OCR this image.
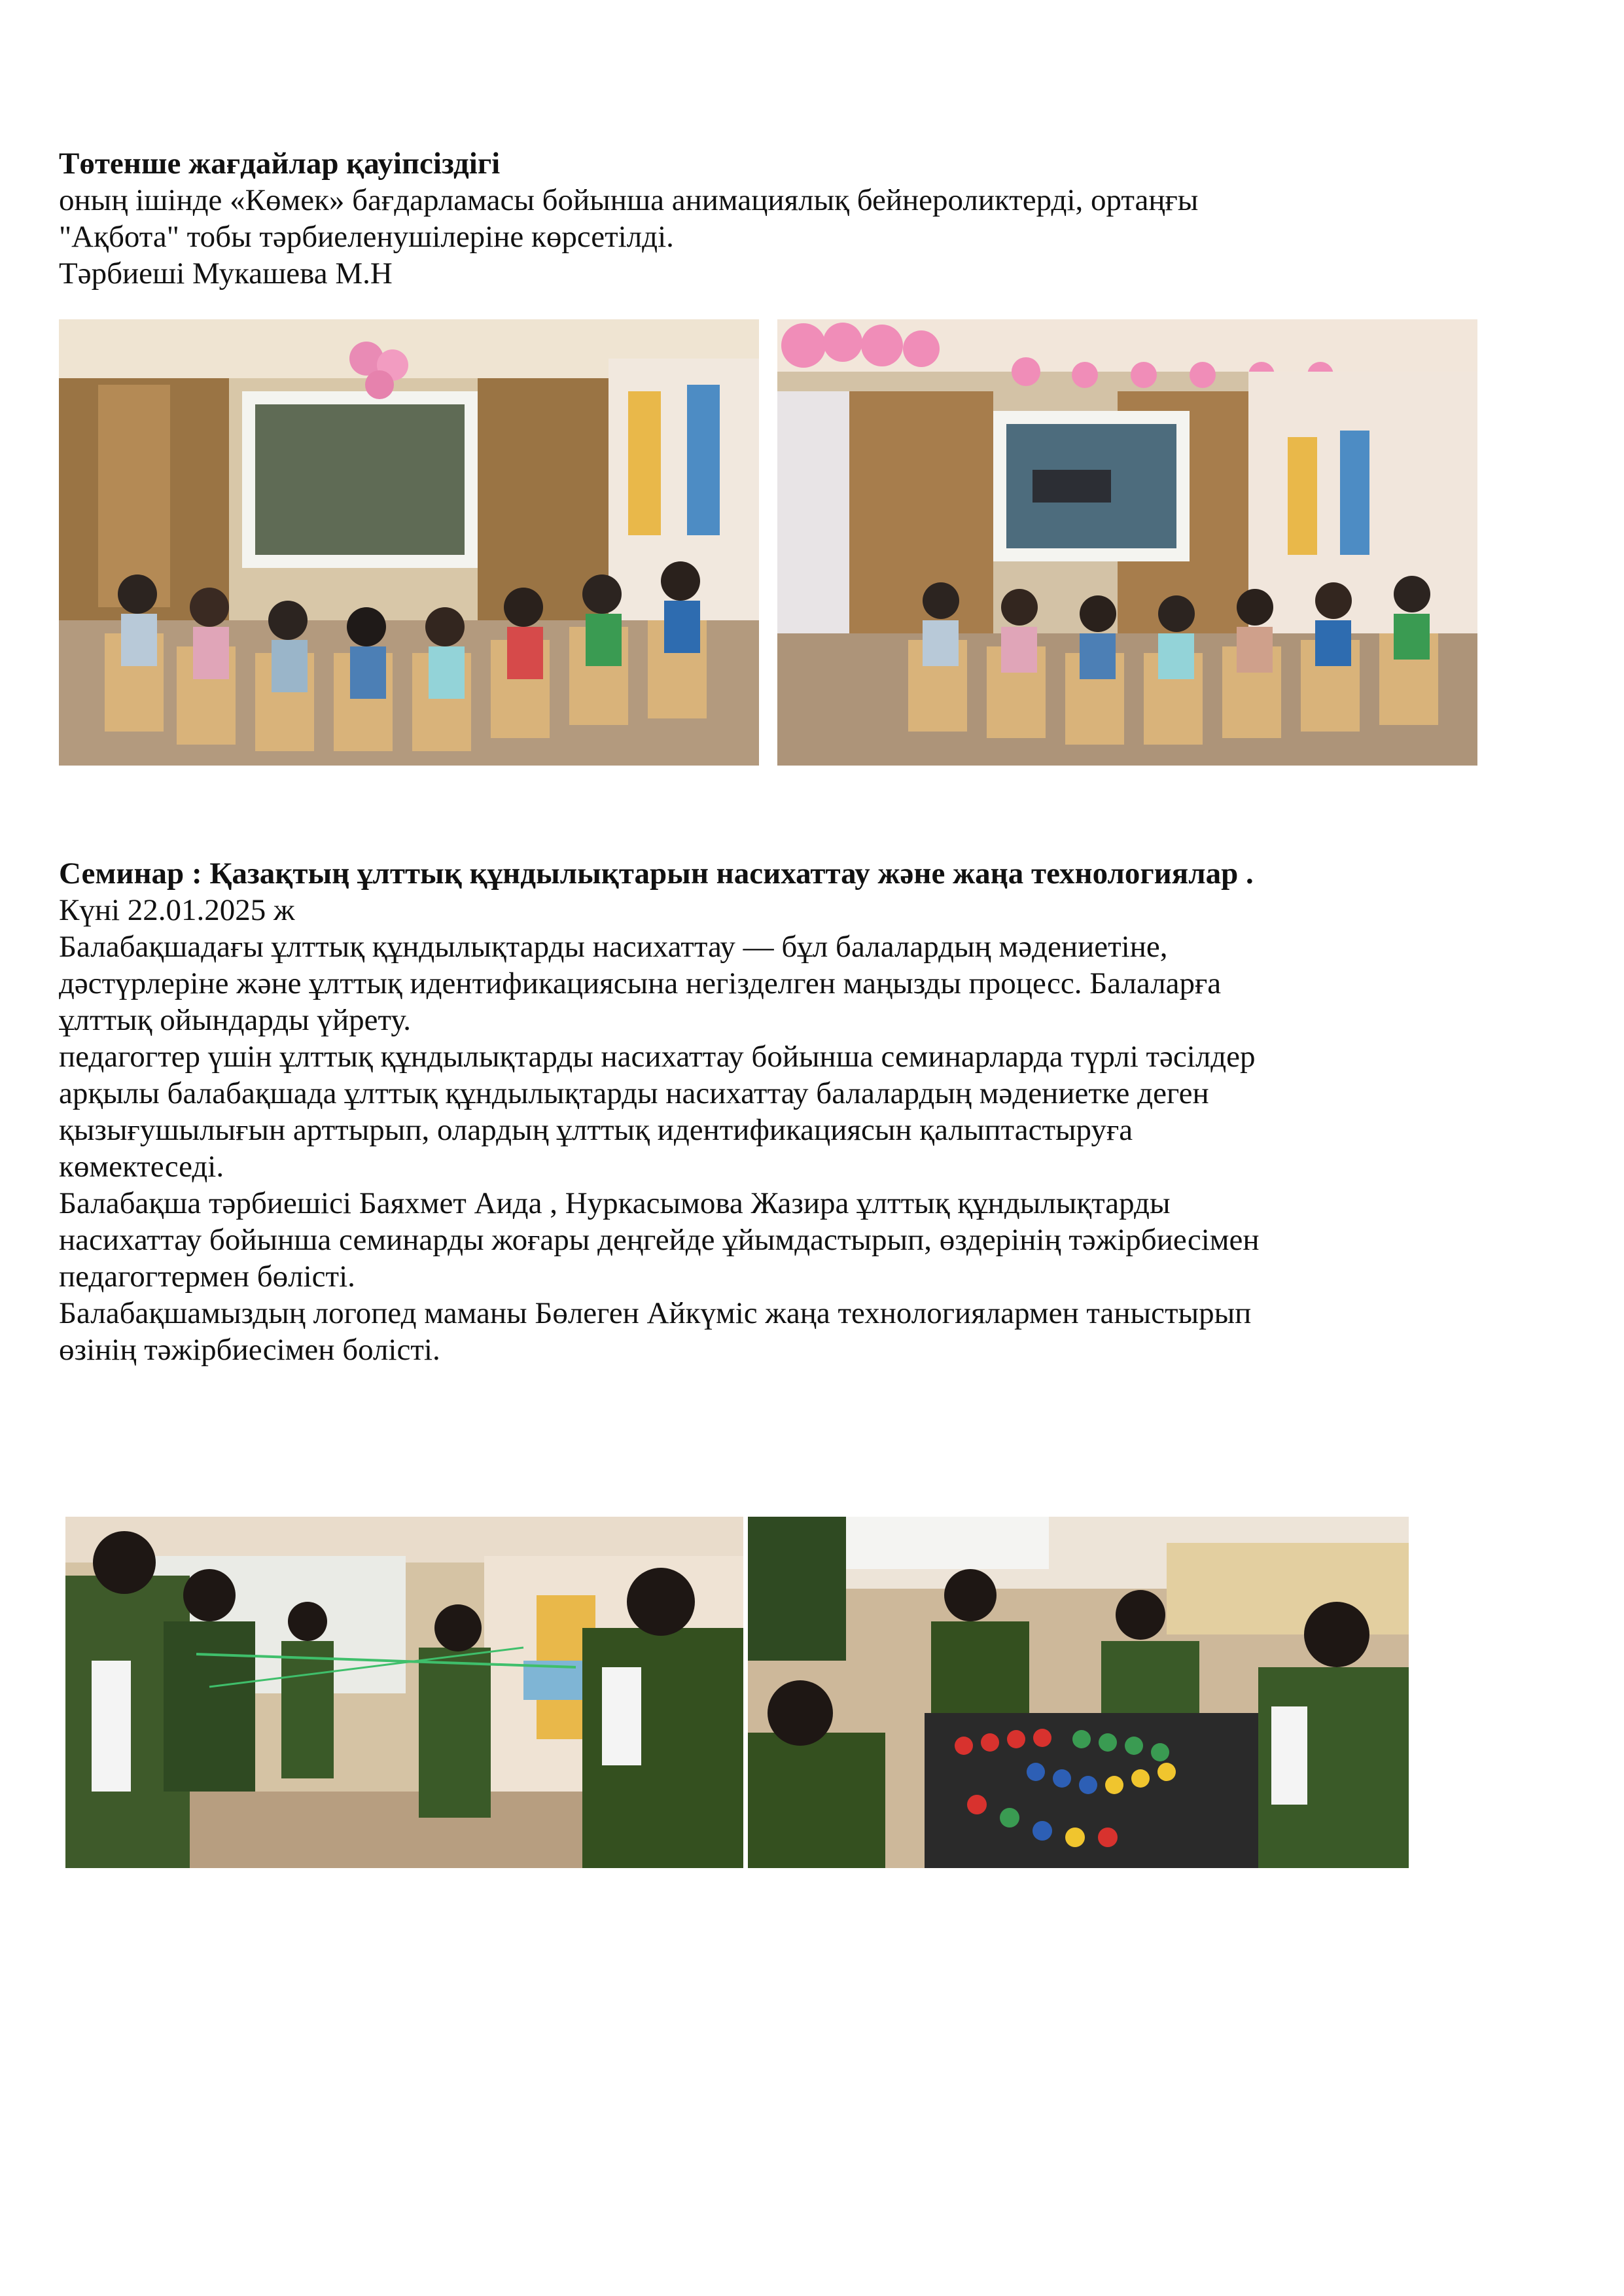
Төтенше жағдайлар қауіпсіздігі
оның ішінде «Көмек» бағдарламасы бойынша анимациялық бейнероликтерді, ортаңғы
"Ақбота" тобы тәрбиеленушілеріне көрсетілді.
Тәрбиеші Мукашева М.Н
Семинар : Қазақтың ұлттық құндылықтарын насихаттау және жаңа технологиялар .
Күні 22.01.2025 ж
Балабақшадағы ұлттық құндылықтарды насихаттау — бұл балалардың мәдениетіне,
дәстүрлеріне және ұлттық идентификациясына негізделген маңызды процесс. Балаларға
ұлттық ойындарды үйрету.
педагогтер үшін ұлттық құндылықтарды насихаттау бойынша семинарларда түрлі тәсілдер
арқылы балабақшада ұлттық құндылықтарды насихаттау балалардың мәдениетке деген
қызығушылығын арттырып, олардың ұлттық идентификациясын қалыптастыруға
көмектеседі.
Балабақша тәрбиешісі Баяхмет Аида , Нуркасымова Жазира ұлттық құндылықтарды
насихаттау бойынша семинарды жоғары деңгейде ұйымдастырып, өздерінің тәжірбиесімен
педагогтермен бөлісті.
Балабақшамыздың логопед маманы Бөлеген Айкүміс жаңа технологиялармен таныстырып
өзінің тәжірбиесімен болісті.
